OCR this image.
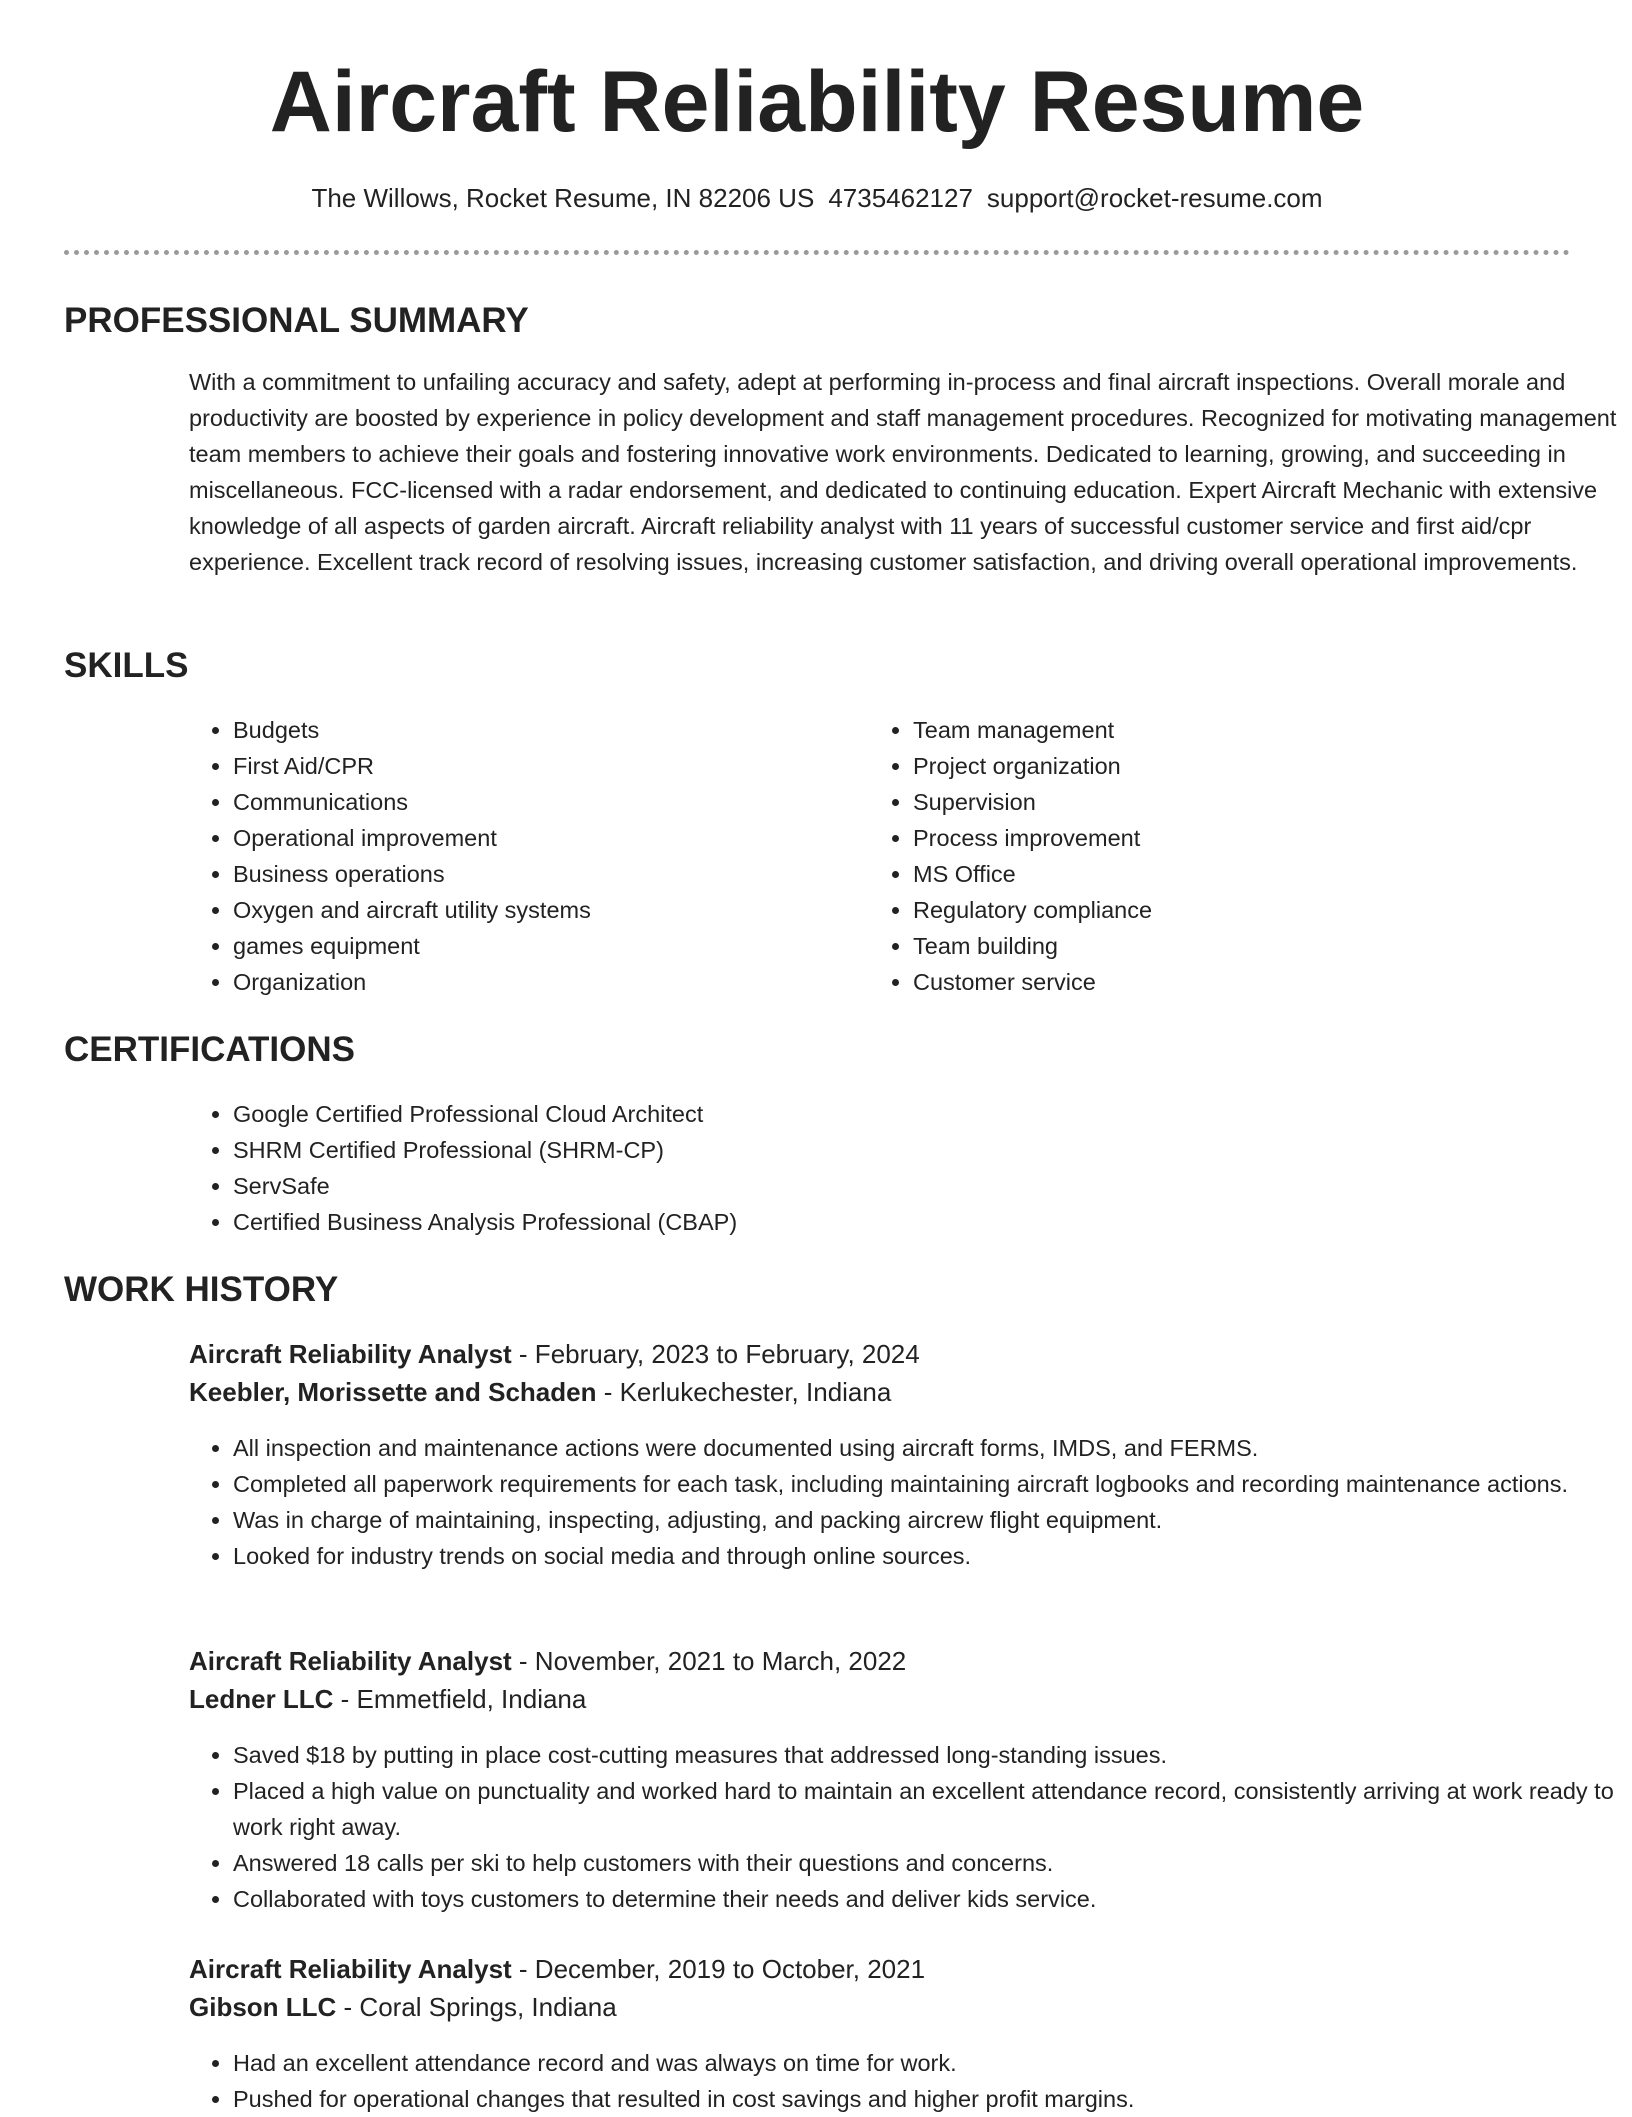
Aircraft Reliability Resume
The Willows, Rocket Resume, IN 82206 US 4735462127 support@rocket-resume.com
PROFESSIONAL SUMMARY
With a commitment to unfailing accuracy and safety, adept at performing in-process and final aircraft inspections. Overall morale and productivity are boosted by experience in policy development and staff management procedures. Recognized for motivating management team members to achieve their goals and fostering innovative work environments. Dedicated to learning, growing, and succeeding in miscellaneous. FCC-licensed with a radar endorsement, and dedicated to continuing education. Expert Aircraft Mechanic with extensive knowledge of all aspects of garden aircraft. Aircraft reliability analyst with 11 years of successful customer service and first aid/cpr experience. Excellent track record of resolving issues, increasing customer satisfaction, and driving overall operational improvements.
SKILLS
• Budgets
• First Aid/CPR
• Communications
• Operational improvement
• Business operations
• Oxygen and aircraft utility systems
• games equipment
• Organization
• Team management
• Project organization
• Supervision
• Process improvement
• MS Office
• Regulatory compliance
• Team building
• Customer service
CERTIFICATIONS
• Google Certified Professional Cloud Architect
• SHRM Certified Professional (SHRM-CP)
• ServSafe
• Certified Business Analysis Professional (CBAP)
WORK HISTORY
Aircraft Reliability Analyst - February, 2023 to February, 2024
Keebler, Morissette and Schaden - Kerlukechester, Indiana
• All inspection and maintenance actions were documented using aircraft forms, IMDS, and FERMS.
• Completed all paperwork requirements for each task, including maintaining aircraft logbooks and recording maintenance actions.
• Was in charge of maintaining, inspecting, adjusting, and packing aircrew flight equipment.
• Looked for industry trends on social media and through online sources.
Aircraft Reliability Analyst - November, 2021 to March, 2022
Ledner LLC - Emmetfield, Indiana
• Saved $18 by putting in place cost-cutting measures that addressed long-standing issues.
• Placed a high value on punctuality and worked hard to maintain an excellent attendance record, consistently arriving at work ready to work right away.
• Answered 18 calls per ski to help customers with their questions and concerns.
• Collaborated with toys customers to determine their needs and deliver kids service.
Aircraft Reliability Analyst - December, 2019 to October, 2021
Gibson LLC - Coral Springs, Indiana
• Had an excellent attendance record and was always on time for work.
• Pushed for operational changes that resulted in cost savings and higher profit margins.
